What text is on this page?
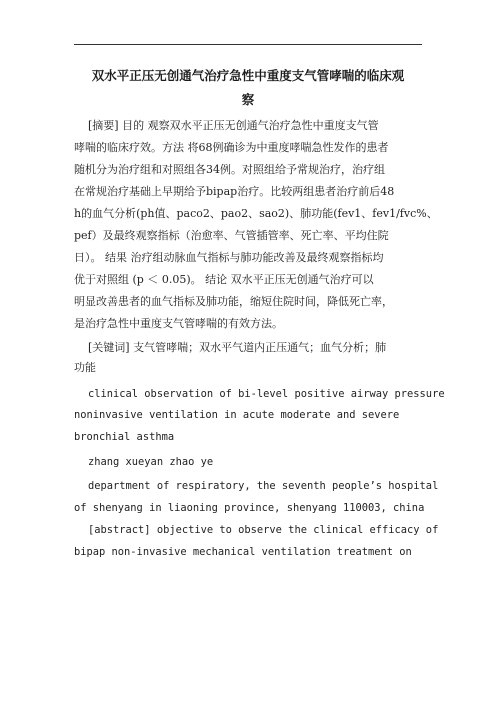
双水平正压无创通气治疗急性中重度支气管哮喘的临床观
察
[摘要] 目的 观察双水平正压无创通气治疗急性中重度支气管
哮喘的临床疗效。方法 将68例确诊为中重度哮喘急性发作的患者
随机分为治疗组和对照组各34例。对照组给予常规治疗，治疗组
在常规治疗基础上早期给予bipap治疗。比较两组患者治疗前后48
h的血气分析(ph值、paco2、pao2、sao2)、肺功能(fev1、fev1/fvc%、
pef）及最终观察指标（治愈率、气管插管率、死亡率、平均住院
日）。 结果 治疗组动脉血气指标与肺功能改善及最终观察指标均
优于对照组 (p ＜ 0.05)。 结论 双水平正压无创通气治疗可以
明显改善患者的血气指标及肺功能，缩短住院时间，降低死亡率，
是治疗急性中重度支气管哮喘的有效方法。
[关键词] 支气管哮喘；双水平气道内正压通气；血气分析；肺
功能
clinical observation of bi-level positive airway pressure
noninvasive ventilation in acute moderate and severe
bronchial asthma
zhang xueyan zhao ye
department of respiratory, the seventh people’s hospital
of shenyang in liaoning province, shenyang 110003, china
[abstract] objective to observe the clinical efficacy of
bipap non-invasive mechanical ventilation treatment on
